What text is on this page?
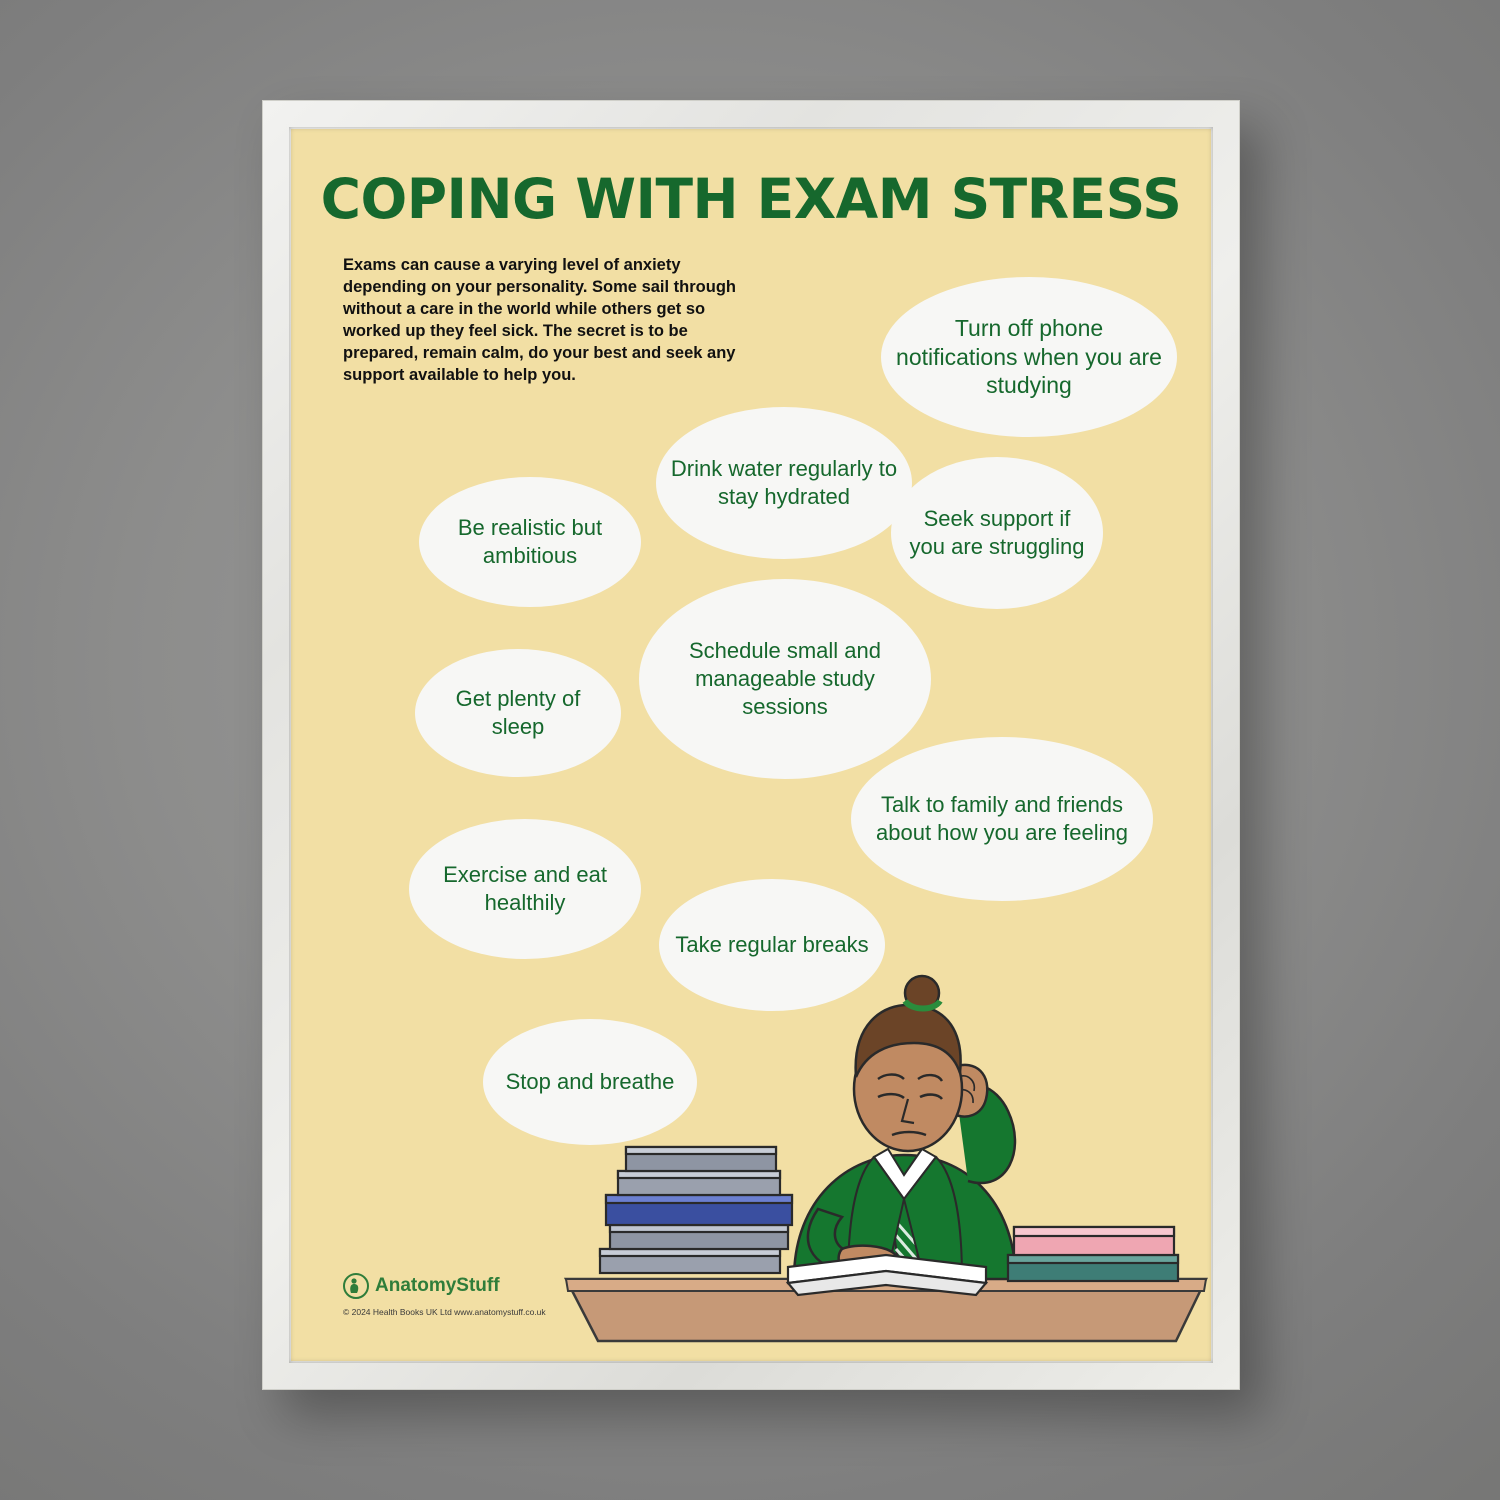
COPING WITH EXAM STRESS
Exams can cause a varying level of anxiety depending on your personality. Some sail through without a care in the world while others get so worked up they feel sick. The secret is to be prepared, remain calm, do your best and seek any support available to help you.
Turn off phone notifications when you are studying
Drink water regularly to stay hydrated
Be realistic but ambitious
Seek support if you are struggling
Get plenty of sleep
Schedule small and manageable study sessions
Talk to family and friends about how you are feeling
Exercise and eat healthily
Take regular breaks
Stop and breathe
AnatomyStuff
© 2024 Health Books UK Ltd www.anatomystuff.co.uk
